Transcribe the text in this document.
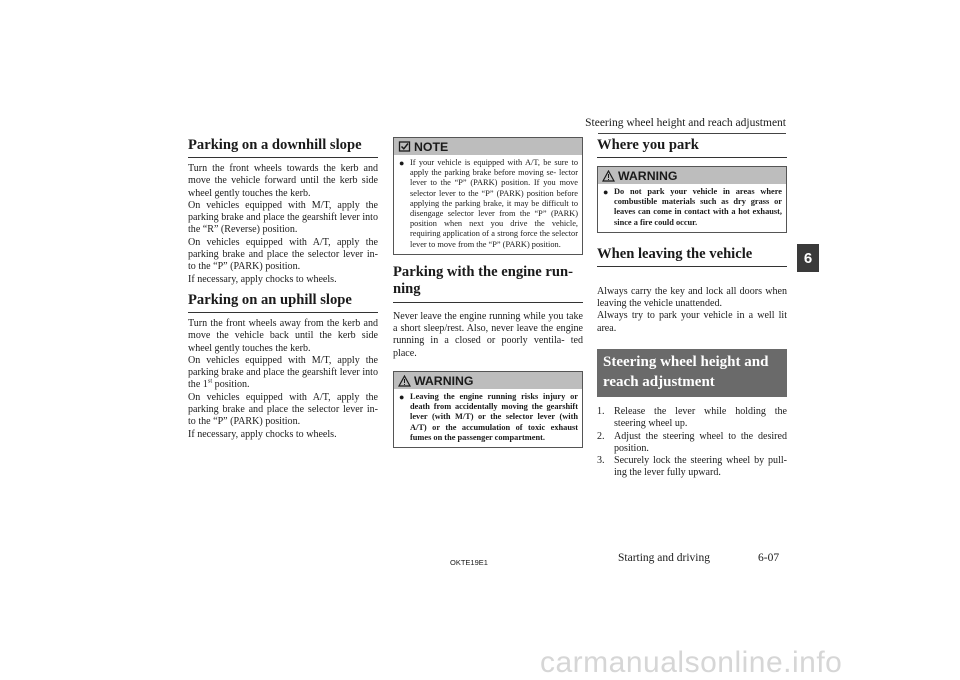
Steering wheel height and reach adjustment
6
Parking on a downhill slope

Turn the front wheels towards the kerb and move the vehicle forward until the kerb side wheel gently touches the kerb.

On vehicles equipped with M/T, apply the parking brake and place the gearshift lever into the “R” (Reverse) position.

On vehicles equipped with A/T, apply the parking brake and place the selector lever in- to the “P” (PARK) position.

If necessary, apply chocks to wheels.

Parking on an uphill slope

Turn the front wheels away from the kerb and move the vehicle back until the kerb side wheel gently touches the kerb.

On vehicles equipped with M/T, apply the parking brake and place the gearshift lever into the 1st position.

On vehicles equipped with A/T, apply the parking brake and place the selector lever in- to the “P” (PARK) position.

If necessary, apply chocks to wheels.

NOTE
● If your vehicle is equipped with A/T, be sure to apply the parking brake before moving se- lector lever to the “P” (PARK) position. If you move selector lever to the “P” (PARK) position before applying the parking brake, it may be difficult to disengage selector lever from the “P” (PARK) position when next you drive the vehicle, requiring application of a strong force the selector lever to move from the “P” (PARK) position.
Parking with the engine run- ning

Never leave the engine running while you take a short sleep/rest. Also, never leave the engine running in a closed or poorly ventila- ted place.

WARNING
● Leaving the engine running risks injury or death from accidentally moving the gearshift lever (with M/T) or the selector lever (with A/T) or the accumulation of toxic exhaust fumes on the passenger compartment.
Where you park
WARNING
● Do not park your vehicle in areas where combustible materials such as dry grass or leaves can come in contact with a hot exhaust, since a fire could occur.
When leaving the vehicle

Always carry the key and lock all doors when leaving the vehicle unattended.

Always try to park your vehicle in a well lit area.

Steering wheel height and reach adjustment
1. Release the lever while holding the steering wheel up.
2. Adjust the steering wheel to the desired position.
3. Securely lock the steering wheel by pull- ing the lever fully upward.
OKTE19E1	Starting and driving	6-07
carmanualsonline.info
